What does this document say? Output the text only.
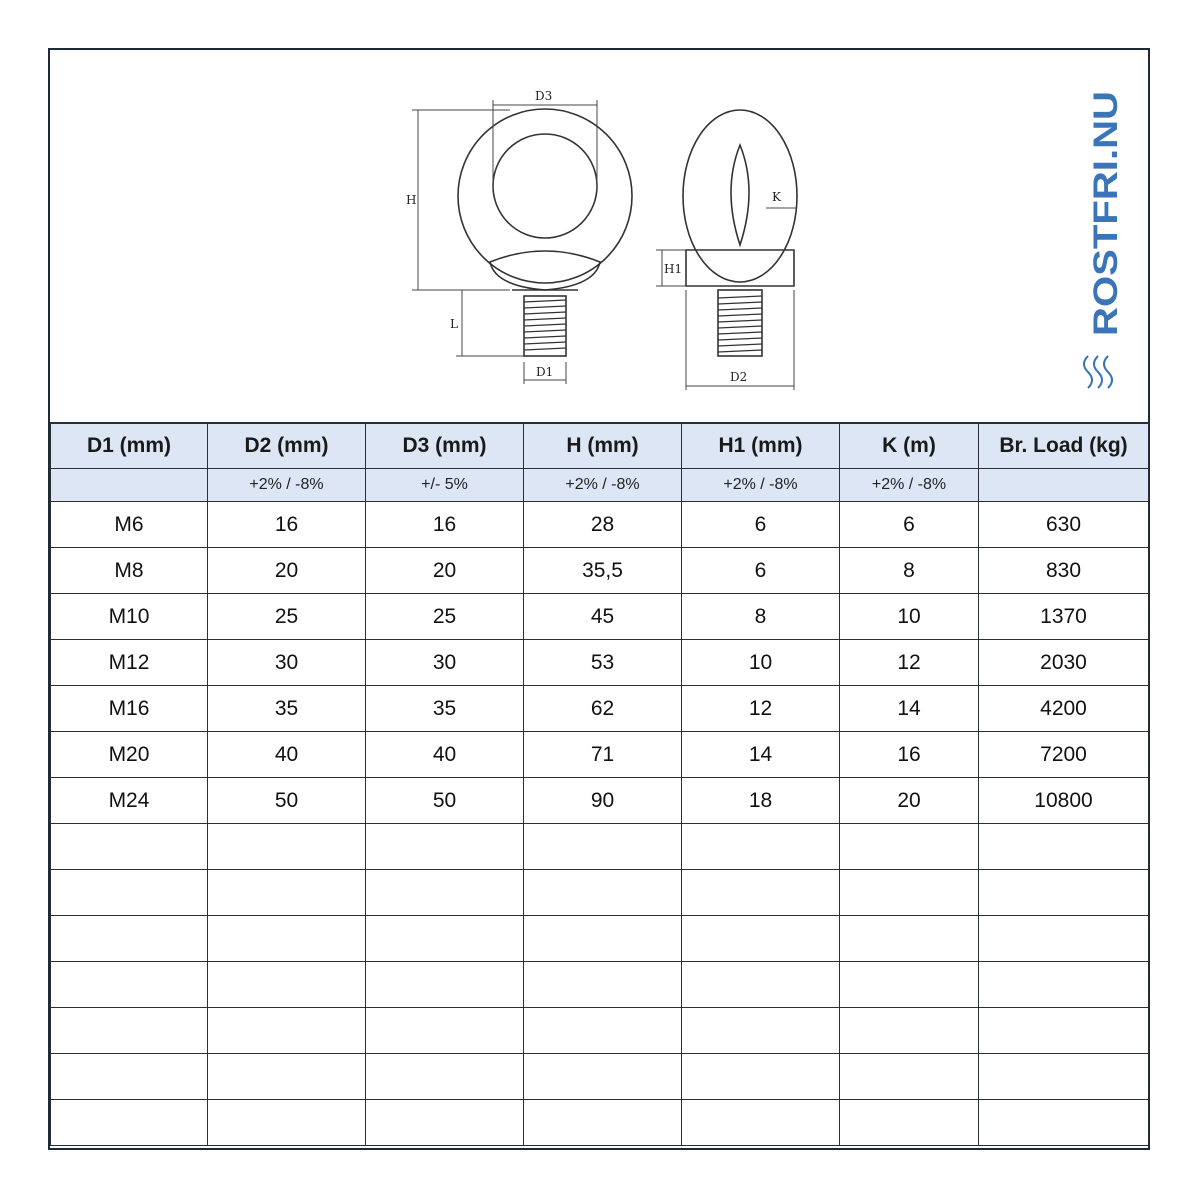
D3
H
L
D1
K
H1
D2
ROSTFRI.NU
D1 (mm)	D2 (mm)	D3 (mm)	H (mm)	H1 (mm)	K (m)	Br. Load (kg)
	+2% / -8%	+/- 5%	+2% / -8%	+2% / -8%	+2% / -8%	
M6	16	16	28	6	6	630
M8	20	20	35,5	6	8	830
M10	25	25	45	8	10	1370
M12	30	30	53	10	12	2030
M16	35	35	62	12	14	4200
M20	40	40	71	14	16	7200
M24	50	50	90	18	20	10800
